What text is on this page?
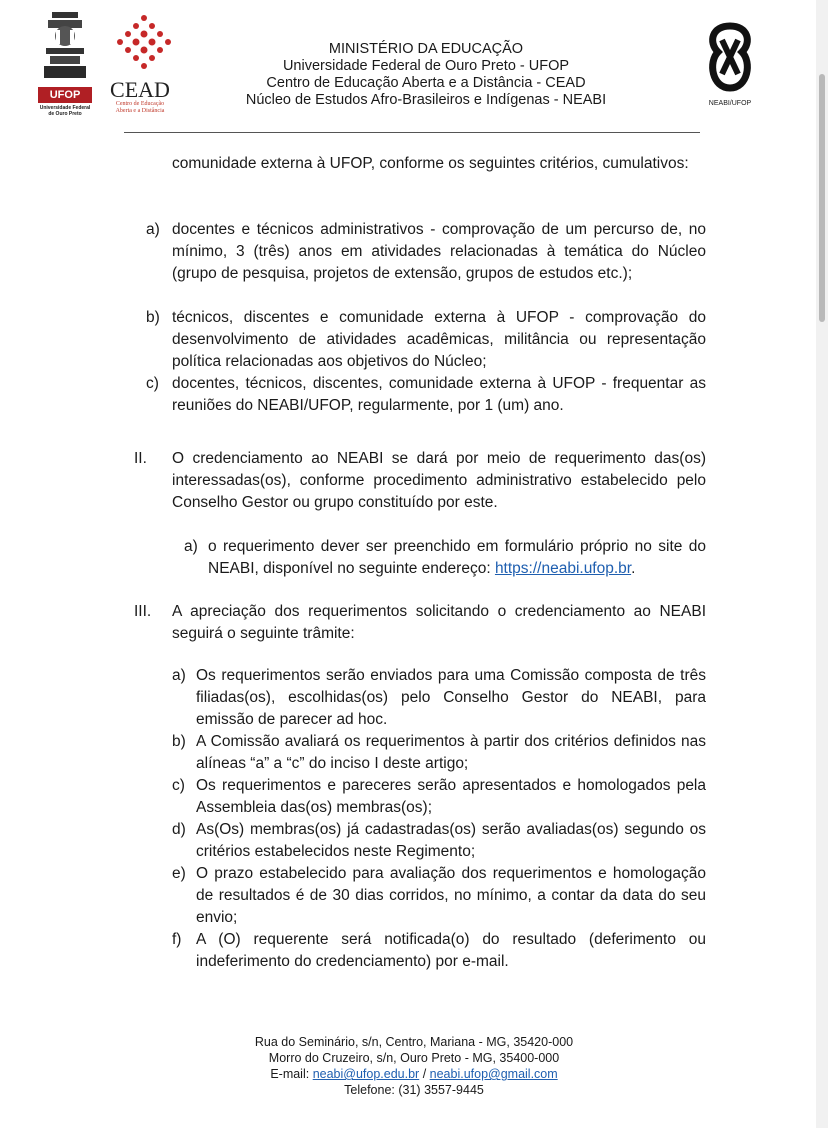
UFOP
Universidade Federal
de Ouro Preto
CEAD
Centro de Educação
Aberta e a Distância
NEABI/UFOP
MINISTÉRIO DA EDUCAÇÃO
Universidade Federal de Ouro Preto - UFOP
Centro de Educação Aberta e a Distância - CEAD
Núcleo de Estudos Afro-Brasileiros e Indígenas - NEABI

comunidade externa à UFOP, conforme os seguintes critérios, cumulativos:

a) docentes e técnicos administrativos - comprovação de um percurso de, no mínimo, 3 (três) anos em atividades relacionadas à temática do Núcleo (grupo de pesquisa, projetos de extensão, grupos de estudos etc.);

b) técnicos, discentes e comunidade externa à UFOP - comprovação do desenvolvimento de atividades acadêmicas, militância ou representação política relacionadas aos objetivos do Núcleo;

c) docentes, técnicos, discentes, comunidade externa à UFOP - frequentar as reuniões do NEABI/UFOP, regularmente, por 1 (um) ano.

II. O credenciamento ao NEABI se dará por meio de requerimento das(os) interessadas(os), conforme procedimento administrativo estabelecido pelo Conselho Gestor ou grupo constituído por este.

a) o requerimento dever ser preenchido em formulário próprio no site do NEABI, disponível no seguinte endereço: https://neabi.ufop.br.

III. A apreciação dos requerimentos solicitando o credenciamento ao NEABI seguirá o seguinte trâmite:

a) Os requerimentos serão enviados para uma Comissão composta de três filiadas(os), escolhidas(os) pelo Conselho Gestor do NEABI, para emissão de parecer ad hoc.

b) A Comissão avaliará os requerimentos à partir dos critérios definidos nas alíneas “a” a “c” do inciso I deste artigo;

c) Os requerimentos e pareceres serão apresentados e homologados pela Assembleia das(os) membras(os);

d) As(Os) membras(os) já cadastradas(os) serão avaliadas(os) segundo os critérios estabelecidos neste Regimento;

e) O prazo estabelecido para avaliação dos requerimentos e homologação de resultados é de 30 dias corridos, no mínimo, a contar da data do seu envio;

f) A (O) requerente será notificada(o) do resultado (deferimento ou indeferimento do credenciamento) por e-mail.

Rua do Seminário, s/n, Centro, Mariana - MG, 35420-000
Morro do Cruzeiro, s/n, Ouro Preto - MG, 35400-000
E-mail: neabi@ufop.edu.br / neabi.ufop@gmail.com
Telefone: (31) 3557-9445
